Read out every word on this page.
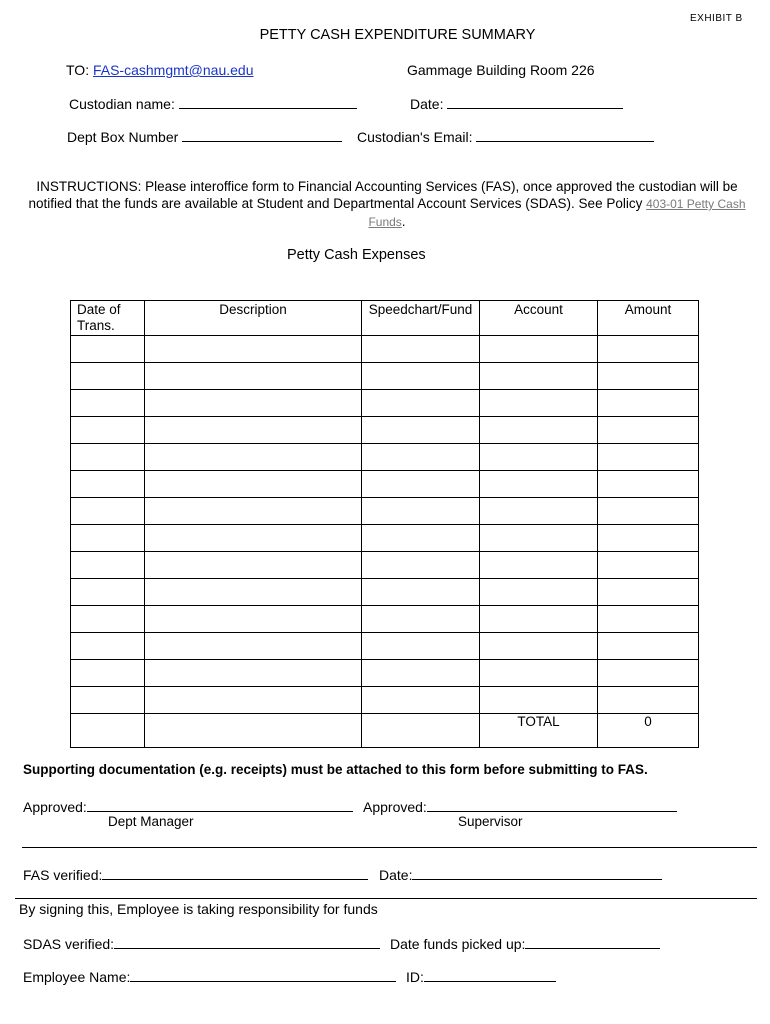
EXHIBIT B
PETTY CASH EXPENDITURE SUMMARY
TO: FAS-cashmgmt@nau.edu	Gammage Building Room 226
Custodian name:	Date:
Dept Box Number	Custodian's Email:
INSTRUCTIONS: Please interoffice form to Financial Accounting Services (FAS), once approved the custodian will be notified that the funds are available at Student and Departmental Account Services (SDAS). See Policy 403-01 Petty Cash Funds.
Petty Cash Expenses
Date of Trans.	Description	Speedchart/Fund	Account	Amount

			TOTAL	0
Supporting documentation (e.g. receipts) must be attached to this form before submitting to FAS.
Approved:
Dept Manager
Approved:
Supervisor
FAS verified:	Date:
By signing this, Employee is taking responsibility for funds
SDAS verified:	Date funds picked up:
Employee Name:	ID:
